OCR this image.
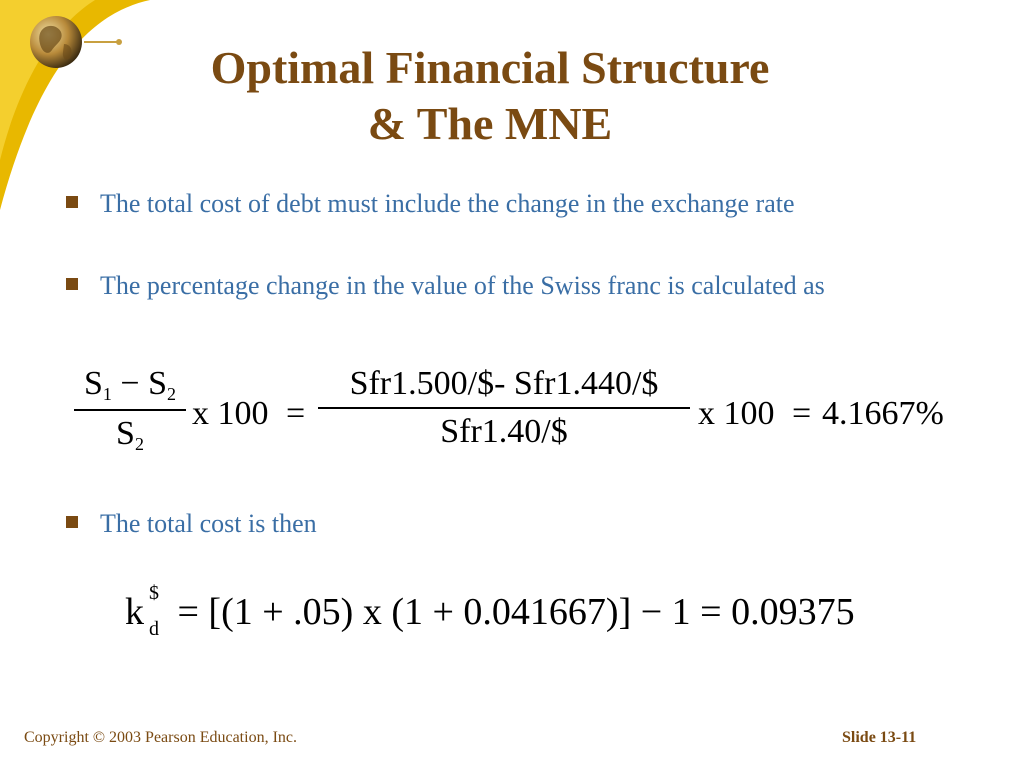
Optimal Financial Structure
& The MNE
The total cost of debt must include the change in the exchange rate
The percentage change in the value of the Swiss franc is calculated as
$S_1 - S_2$
$S_2$
x 100 =
Sfr1.500/$- Sfr1.440/$
Sfr1.40/$	x 100 = 4.1667%
The total cost is then
k $
d = [(1 + .05) x (1 + 0.041667)] − 1 = 0.09375
Copyright © 2003 Pearson Education, Inc.	Slide 13-11
